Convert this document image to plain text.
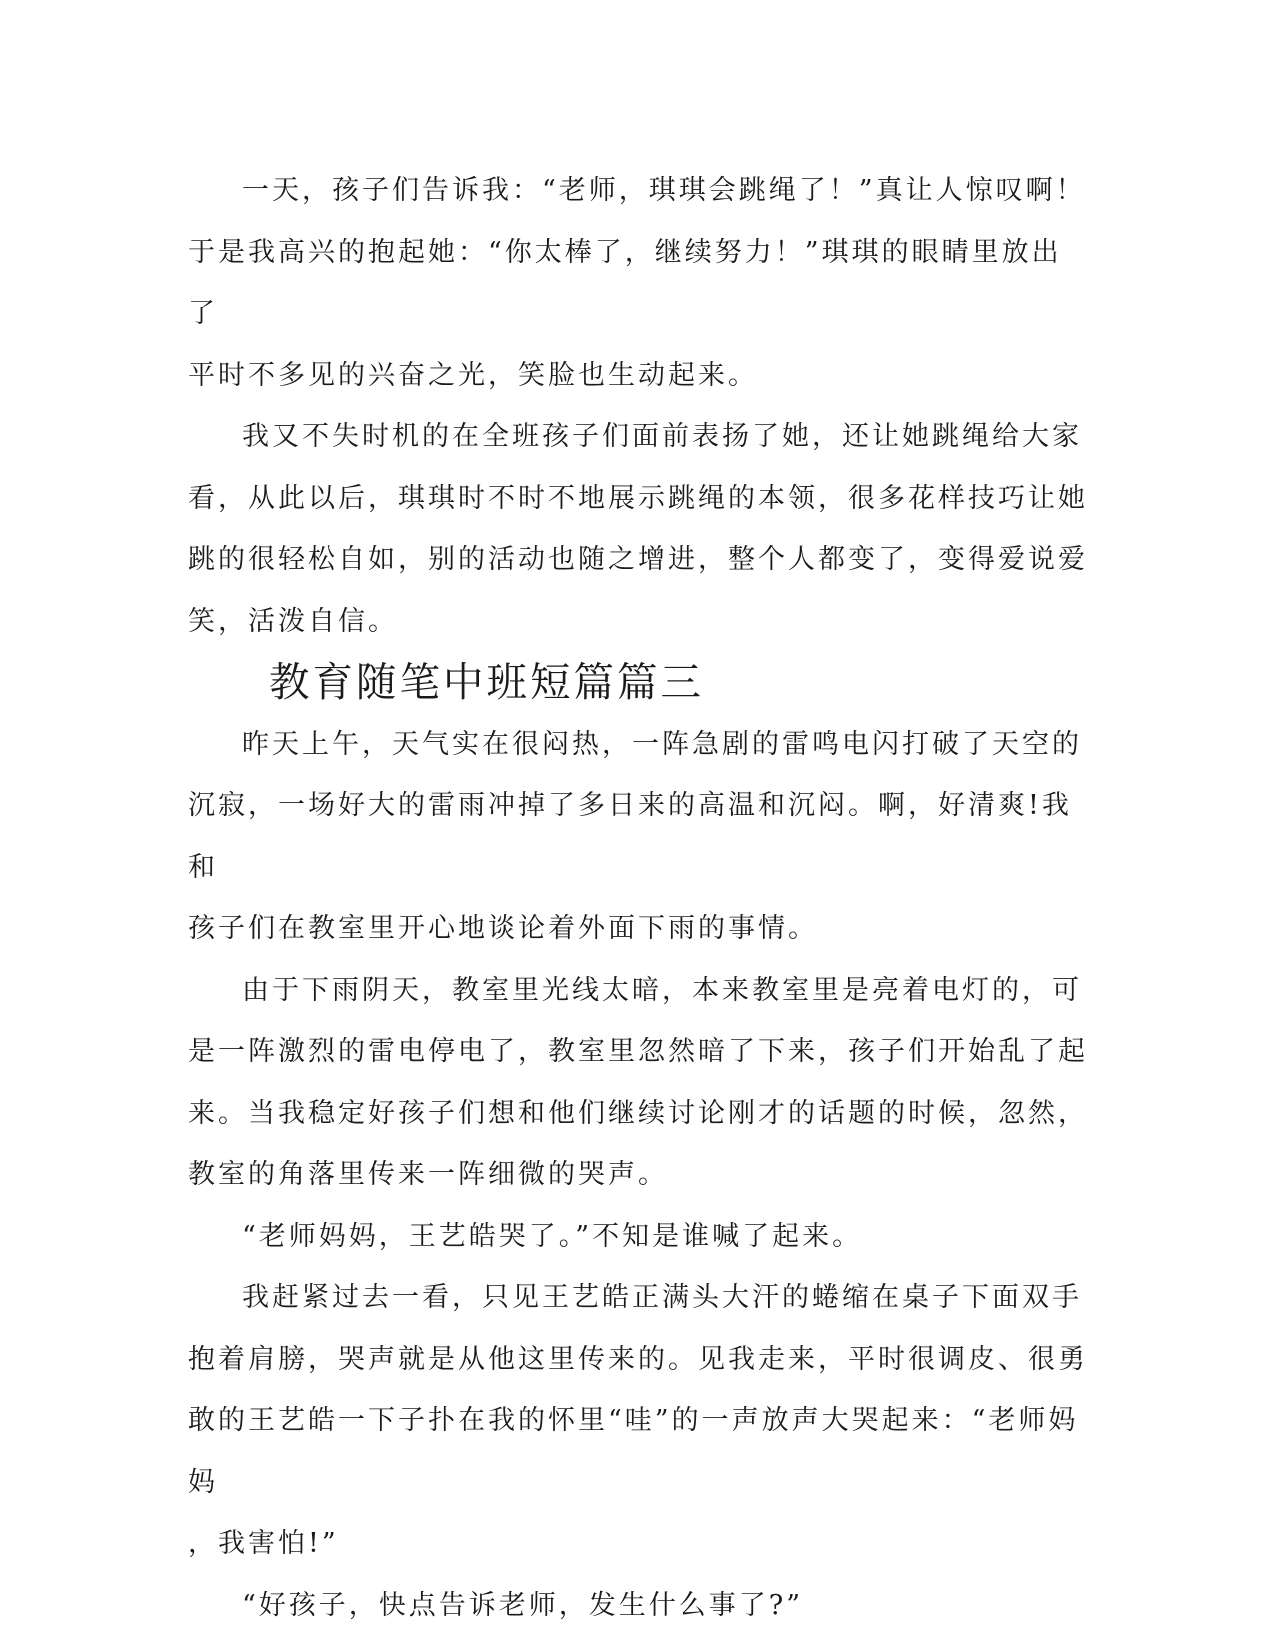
一天，孩子们告诉我：“老师，琪琪会跳绳了！”真让人惊叹啊！
于是我高兴的抱起她：“你太棒了，继续努力！”琪琪的眼睛里放出了
平时不多见的兴奋之光，笑脸也生动起来。

我又不失时机的在全班孩子们面前表扬了她，还让她跳绳给大家
看，从此以后，琪琪时不时不地展示跳绳的本领，很多花样技巧让她
跳的很轻松自如，别的活动也随之增进，整个人都变了，变得爱说爱
笑，活泼自信。

教育随笔中班短篇篇三

昨天上午，天气实在很闷热，一阵急剧的雷鸣电闪打破了天空的
沉寂，一场好大的雷雨冲掉了多日来的高温和沉闷。啊，好清爽!我和
孩子们在教室里开心地谈论着外面下雨的事情。

由于下雨阴天，教室里光线太暗，本来教室里是亮着电灯的，可
是一阵激烈的雷电停电了，教室里忽然暗了下来，孩子们开始乱了起
来。当我稳定好孩子们想和他们继续讨论刚才的话题的时候，忽然，
教室的角落里传来一阵细微的哭声。

“老师妈妈，王艺皓哭了。”不知是谁喊了起来。

我赶紧过去一看，只见王艺皓正满头大汗的蜷缩在桌子下面双手
抱着肩膀，哭声就是从他这里传来的。见我走来，平时很调皮、很勇
敢的王艺皓一下子扑在我的怀里“哇”的一声放声大哭起来：“老师妈妈
，我害怕!”

“好孩子，快点告诉老师，发生什么事了?”
